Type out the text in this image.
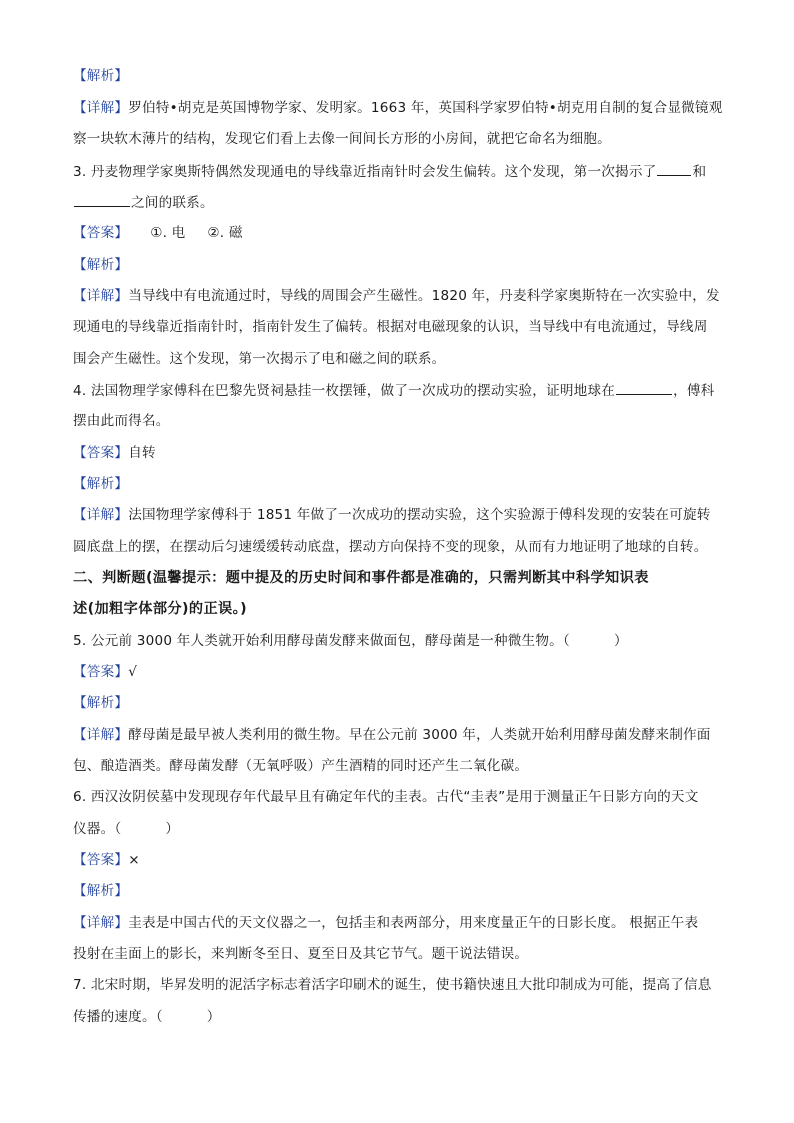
【解析】
【详解】罗伯特•胡克是英国博物学家、发明家。1663 年，英国科学家罗伯特•胡克用自制的复合显微镜观
察一块软木薄片的结构，发现它们看上去像一间间长方形的小房间，就把它命名为细胞。
3. 丹麦物理学家奥斯特偶然发现通电的导线靠近指南针时会发生偏转。这个发现，第一次揭示了	和
之间的联系。
【答案】 ①. 电 ②. 磁
【解析】
【详解】当导线中有电流通过时，导线的周围会产生磁性。1820 年，丹麦科学家奥斯特在一次实验中，发
现通电的导线靠近指南针时，指南针发生了偏转。根据对电磁现象的认识，当导线中有电流通过，导线周
围会产生磁性。这个发现，第一次揭示了电和磁之间的联系。
4. 法国物理学家傅科在巴黎先贤祠悬挂一枚摆锤，做了一次成功的摆动实验，证明地球在	，傅科
摆由此而得名。
【答案】自转
【解析】
【详解】法国物理学家傅科于 1851 年做了一次成功的摆动实验，这个实验源于傅科发现的安装在可旋转
圆底盘上的摆，在摆动后匀速缓缓转动底盘，摆动方向保持不变的现象，从而有力地证明了地球的自转。
二、判断题(温馨提示：题中提及的历史时间和事件都是准确的，只需判断其中科学知识表
述(加粗字体部分)的正误。)
5. 公元前 3000 年人类就开始利用酵母菌发酵来做面包，酵母菌是一种微生物。（	）
【答案】√
【解析】
【详解】酵母菌是最早被人类利用的微生物。早在公元前 3000 年，人类就开始利用酵母菌发酵来制作面
包、酿造酒类。酵母菌发酵（无氧呼吸）产生酒精的同时还产生二氧化碳。
6. 西汉汝阴侯墓中发现现存年代最早且有确定年代的圭表。古代“圭表”是用于测量正午日影方向的天文
仪器。（	）
【答案】×
【解析】
【详解】圭表是中国古代的天文仪器之一，包括圭和表两部分，用来度量正午的日影长度。 根据正午表
投射在圭面上的影长，来判断冬至日、夏至日及其它节气。题干说法错误。
7. 北宋时期，毕昇发明的泥活字标志着活字印刷术的诞生，使书籍快速且大批印制成为可能，提高了信息
传播的速度。（	）
